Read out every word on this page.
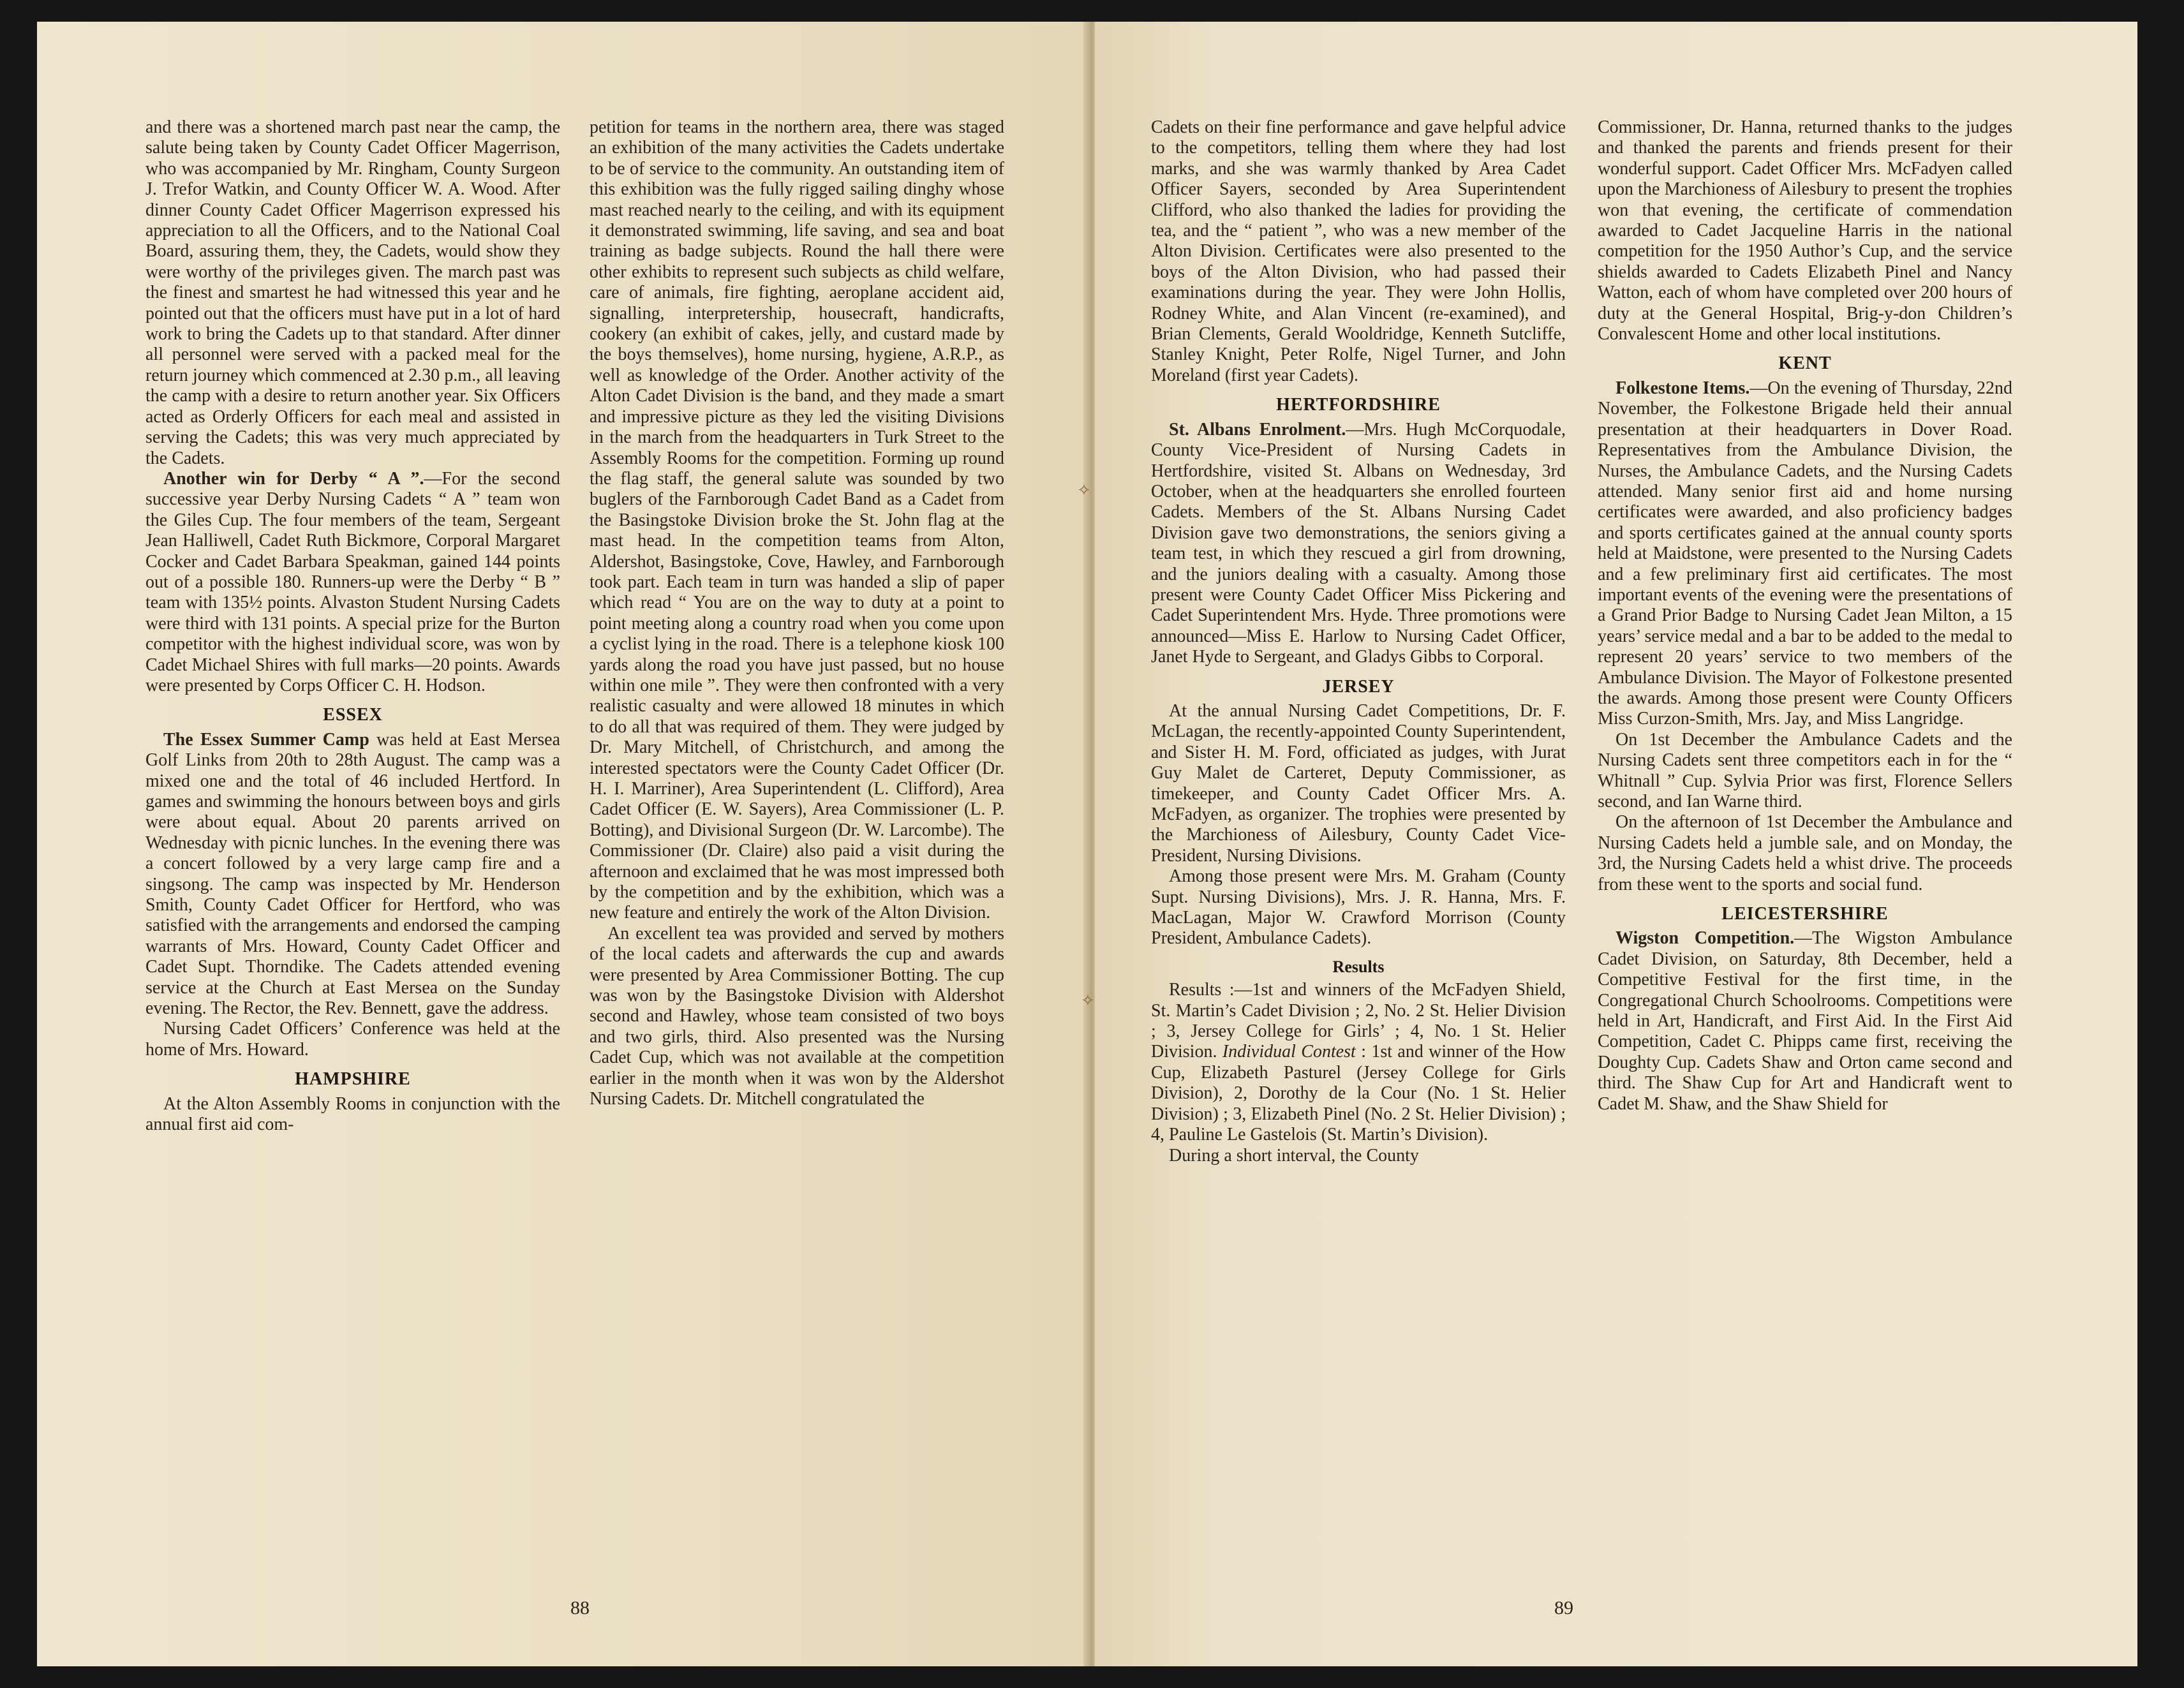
and there was a shortened march past near the camp, the salute being taken by County Cadet Officer Magerrison, who was accompanied by Mr. Ringham, County Surgeon J. Trefor Watkin, and County Officer W. A. Wood. After dinner County Cadet Officer Magerrison expressed his appreciation to all the Officers, and to the National Coal Board, assuring them, they, the Cadets, would show they were worthy of the privileges given. The march past was the finest and smartest he had witnessed this year and he pointed out that the officers must have put in a lot of hard work to bring the Cadets up to that standard. After dinner all personnel were served with a packed meal for the return journey which commenced at 2.30 p.m., all leaving the camp with a desire to return another year. Six Officers acted as Orderly Officers for each meal and assisted in serving the Cadets; this was very much appreciated by the Cadets.

Another win for Derby “ A ”.—For the second successive year Derby Nursing Cadets “ A ” team won the Giles Cup. The four members of the team, Sergeant Jean Halliwell, Cadet Ruth Bickmore, Corporal Margaret Cocker and Cadet Barbara Speakman, gained 144 points out of a possible 180. Runners-up were the Derby “ B ” team with 135½ points. Alvaston Student Nursing Cadets were third with 131 points. A special prize for the Burton competitor with the highest individual score, was won by Cadet Michael Shires with full marks—20 points. Awards were presented by Corps Officer C. H. Hodson.

ESSEX

The Essex Summer Camp was held at East Mersea Golf Links from 20th to 28th August. The camp was a mixed one and the total of 46 included Hertford. In games and swimming the honours between boys and girls were about equal. About 20 parents arrived on Wednesday with picnic lunches. In the evening there was a concert followed by a very large camp fire and a singsong. The camp was inspected by Mr. Henderson Smith, County Cadet Officer for Hertford, who was satisfied with the arrangements and endorsed the camping warrants of Mrs. Howard, County Cadet Officer and Cadet Supt. Thorndike. The Cadets attended evening service at the Church at East Mersea on the Sunday evening. The Rector, the Rev. Bennett, gave the address.

Nursing Cadet Officers’ Conference was held at the home of Mrs. Howard.

HAMPSHIRE

At the Alton Assembly Rooms in conjunction with the annual first aid com-

petition for teams in the northern area, there was staged an exhibition of the many activities the Cadets undertake to be of service to the community. An outstanding item of this exhibition was the fully rigged sailing dinghy whose mast reached nearly to the ceiling, and with its equipment it demonstrated swimming, life saving, and sea and boat training as badge subjects. Round the hall there were other exhibits to represent such subjects as child welfare, care of animals, fire fighting, aeroplane accident aid, signalling, interpretership, housecraft, handicrafts, cookery (an exhibit of cakes, jelly, and custard made by the boys themselves), home nursing, hygiene, A.R.P., as well as knowledge of the Order. Another activity of the Alton Cadet Division is the band, and they made a smart and impressive picture as they led the visiting Divisions in the march from the headquarters in Turk Street to the Assembly Rooms for the competition. Forming up round the flag staff, the general salute was sounded by two buglers of the Farnborough Cadet Band as a Cadet from the Basingstoke Division broke the St. John flag at the mast head. In the competition teams from Alton, Aldershot, Basingstoke, Cove, Hawley, and Farnborough took part. Each team in turn was handed a slip of paper which read “ You are on the way to duty at a point to point meeting along a country road when you come upon a cyclist lying in the road. There is a telephone kiosk 100 yards along the road you have just passed, but no house within one mile ”. They were then confronted with a very realistic casualty and were allowed 18 minutes in which to do all that was required of them. They were judged by Dr. Mary Mitchell, of Christchurch, and among the interested spectators were the County Cadet Officer (Dr. H. I. Marriner), Area Superintendent (L. Clifford), Area Cadet Officer (E. W. Sayers), Area Commissioner (L. P. Botting), and Divisional Surgeon (Dr. W. Larcombe). The Commissioner (Dr. Claire) also paid a visit during the afternoon and exclaimed that he was most impressed both by the competition and by the exhibition, which was a new feature and entirely the work of the Alton Division.

An excellent tea was provided and served by mothers of the local cadets and afterwards the cup and awards were presented by Area Commissioner Botting. The cup was won by the Basingstoke Division with Aldershot second and Hawley, whose team consisted of two boys and two girls, third. Also presented was the Nursing Cadet Cup, which was not available at the competition earlier in the month when it was won by the Aldershot Nursing Cadets. Dr. Mitchell congratulated the

88
✧
✧

Cadets on their fine performance and gave helpful advice to the competitors, telling them where they had lost marks, and she was warmly thanked by Area Cadet Officer Sayers, seconded by Area Superintendent Clifford, who also thanked the ladies for providing the tea, and the “ patient ”, who was a new member of the Alton Division. Certificates were also presented to the boys of the Alton Division, who had passed their examinations during the year. They were John Hollis, Rodney White, and Alan Vincent (re-examined), and Brian Clements, Gerald Wooldridge, Kenneth Sutcliffe, Stanley Knight, Peter Rolfe, Nigel Turner, and John Moreland (first year Cadets).

HERTFORDSHIRE

St. Albans Enrolment.—Mrs. Hugh McCorquodale, County Vice-President of Nursing Cadets in Hertfordshire, visited St. Albans on Wednesday, 3rd October, when at the headquarters she enrolled fourteen Cadets. Members of the St. Albans Nursing Cadet Division gave two demonstrations, the seniors giving a team test, in which they rescued a girl from drowning, and the juniors dealing with a casualty. Among those present were County Cadet Officer Miss Pickering and Cadet Superintendent Mrs. Hyde. Three promotions were announced—Miss E. Harlow to Nursing Cadet Officer, Janet Hyde to Sergeant, and Gladys Gibbs to Corporal.

JERSEY

At the annual Nursing Cadet Competitions, Dr. F. McLagan, the recently-appointed County Superintendent, and Sister H. M. Ford, officiated as judges, with Jurat Guy Malet de Carteret, Deputy Commissioner, as timekeeper, and County Cadet Officer Mrs. A. McFadyen, as organizer. The trophies were presented by the Marchioness of Ailesbury, County Cadet Vice-President, Nursing Divisions.

Among those present were Mrs. M. Graham (County Supt. Nursing Divisions), Mrs. J. R. Hanna, Mrs. F. MacLagan, Major W. Crawford Morrison (County President, Ambulance Cadets).

Results

Results :—1st and winners of the McFadyen Shield, St. Martin’s Cadet Division ; 2, No. 2 St. Helier Division ; 3, Jersey College for Girls’ ; 4, No. 1 St. Helier Division. Individual Contest : 1st and winner of the How Cup, Elizabeth Pasturel (Jersey College for Girls Division), 2, Dorothy de la Cour (No. 1 St. Helier Division) ; 3, Elizabeth Pinel (No. 2 St. Helier Division) ; 4, Pauline Le Gastelois (St. Martin’s Division).

During a short interval, the County

Commissioner, Dr. Hanna, returned thanks to the judges and thanked the parents and friends present for their wonderful support. Cadet Officer Mrs. McFadyen called upon the Marchioness of Ailesbury to present the trophies won that evening, the certificate of commendation awarded to Cadet Jacqueline Harris in the national competition for the 1950 Author’s Cup, and the service shields awarded to Cadets Elizabeth Pinel and Nancy Watton, each of whom have completed over 200 hours of duty at the General Hospital, Brig-y-don Children’s Convalescent Home and other local institutions.

KENT

Folkestone Items.—On the evening of Thursday, 22nd November, the Folkestone Brigade held their annual presentation at their headquarters in Dover Road. Representatives from the Ambulance Division, the Nurses, the Ambulance Cadets, and the Nursing Cadets attended. Many senior first aid and home nursing certificates were awarded, and also proficiency badges and sports certificates gained at the annual county sports held at Maidstone, were presented to the Nursing Cadets and a few preliminary first aid certificates. The most important events of the evening were the presentations of a Grand Prior Badge to Nursing Cadet Jean Milton, a 15 years’ service medal and a bar to be added to the medal to represent 20 years’ service to two members of the Ambulance Division. The Mayor of Folkestone presented the awards. Among those present were County Officers Miss Curzon-Smith, Mrs. Jay, and Miss Langridge.

On 1st December the Ambulance Cadets and the Nursing Cadets sent three competitors each in for the “ Whitnall ” Cup. Sylvia Prior was first, Florence Sellers second, and Ian Warne third.

On the afternoon of 1st December the Ambulance and Nursing Cadets held a jumble sale, and on Monday, the 3rd, the Nursing Cadets held a whist drive. The proceeds from these went to the sports and social fund.

LEICESTERSHIRE

Wigston Competition.—The Wigston Ambulance Cadet Division, on Saturday, 8th December, held a Competitive Festival for the first time, in the Congregational Church Schoolrooms. Competitions were held in Art, Handicraft, and First Aid. In the First Aid Competition, Cadet C. Phipps came first, receiving the Doughty Cup. Cadets Shaw and Orton came second and third. The Shaw Cup for Art and Handicraft went to Cadet M. Shaw, and the Shaw Shield for

89
